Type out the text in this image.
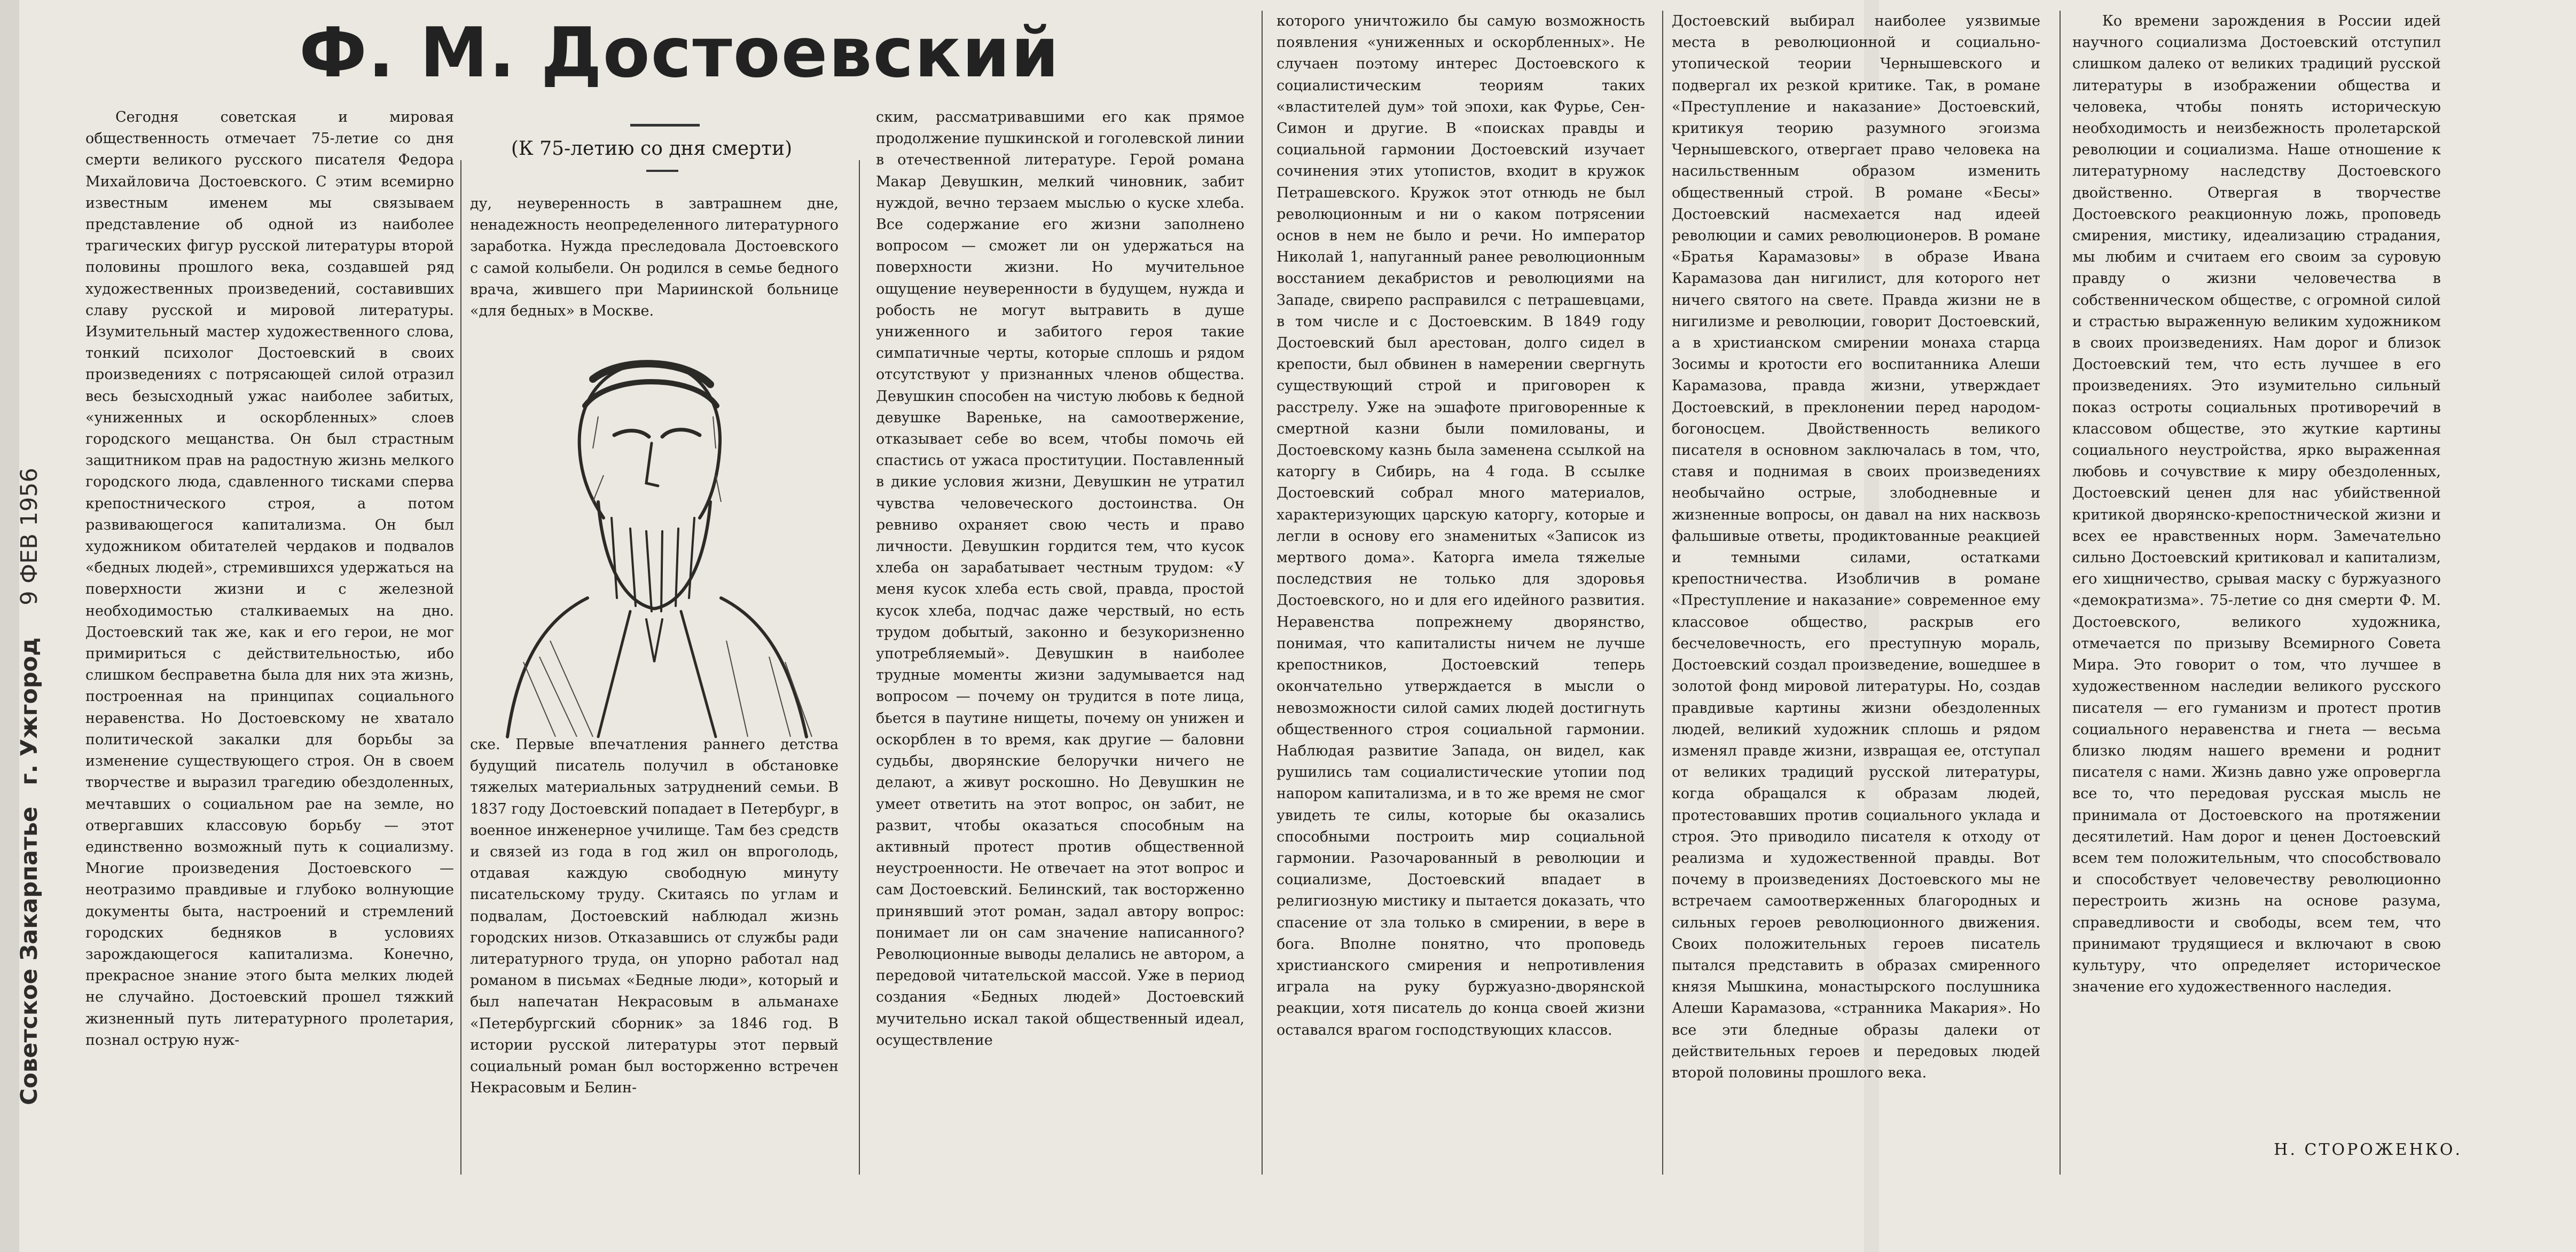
Советское Закарпатьег. Ужгород9 ФЕВ 1956
Ф. М. Достоевский
(К 75-летию со дня смерти)

Сегодня советская и мировая общественность отмечает 75-летие со дня смерти великого русского писателя Федора Михайловича Достоевского. С этим всемирно известным именем мы связываем представление об одной из наиболее трагических фигур русской литературы второй половины прошлого века, создавшей ряд художественных произведений, составивших славу русской и мировой литературы. Изумительный мастер художественного слова, тонкий психолог Достоевский в своих произведениях с потрясающей силой отразил весь безысходный ужас наиболее забитых, «униженных и оскорбленных» слоев городского мещанства. Он был страстным защитником прав на радостную жизнь мелкого городского люда, сдавленного тисками сперва крепостнического строя, а потом развивающегося капитализма. Он был художником обитателей чердаков и подвалов «бедных людей», стремившихся удержаться на поверхности жизни и с железной необходимостью сталкиваемых на дно. Достоевский так же, как и его герои, не мог примириться с действительностью, ибо слишком бесправетна была для них эта жизнь, построенная на принципах социального неравенства. Но Достоевскому не хватало политической закалки для борьбы за изменение существующего строя. Он в своем творчестве и выразил трагедию обездоленных, мечтавших о социальном рае на земле, но отвергавших классовую борьбу — этот единственно возможный путь к социализму. Многие произведения Достоевского — неотразимо правдивые и глубоко волнующие документы быта, настроений и стремлений городских бедняков в условиях зарождающегося капитализма. Конечно, прекрасное знание этого быта мелких людей не случайно. Достоевский прошел тяжкий жизненный путь литературного пролетария, познал острую нуж-

ду, неуверенность в завтрашнем дне, ненадежность неопределенного литературного заработка. Нужда преследовала Достоевского с самой колыбели. Он родился в семье бедного врача, жившего при Мариинской больнице «для бедных» в Москве.

ске. Первые впечатления раннего детства будущий писатель получил в обстановке тяжелых материальных затруднений семьи. В 1837 году Достоевский попадает в Петербург, в военное инженерное училище. Там без средств и связей из года в год жил он впроголодь, отдавая каждую свободную минуту писательскому труду. Скитаясь по углам и подвалам, Достоевский наблюдал жизнь городских низов. Отказавшись от службы ради литературного труда, он упорно работал над романом в письмах «Бедные люди», который и был напечатан Некрасовым в альманахе «Петербургский сборник» за 1846 год. В истории русской литературы этот первый социальный роман был восторженно встречен Некрасовым и Белин-

ским, рассматривавшими его как прямое продолжение пушкинской и гоголевской линии в отечественной литературе. Герой романа Макар Девушкин, мелкий чиновник, забит нуждой, вечно терзаем мыслью о куске хлеба. Все содержание его жизни заполнено вопросом — сможет ли он удержаться на поверхности жизни. Но мучительное ощущение неуверенности в будущем, нужда и робость не могут вытравить в душе униженного и забитого героя такие симпатичные черты, которые сплошь и рядом отсутствуют у признанных членов общества. Девушкин способен на чистую любовь к бедной девушке Вареньке, на самоотвержение, отказывает себе во всем, чтобы помочь ей спастись от ужаса проституции. Поставленный в дикие условия жизни, Девушкин не утратил чувства человеческого достоинства. Он ревниво охраняет свою честь и право личности. Девушкин гордится тем, что кусок хлеба он зарабатывает честным трудом: «У меня кусок хлеба есть свой, правда, простой кусок хлеба, подчас даже черствый, но есть трудом добытый, законно и безукоризненно употребляемый». Девушкин в наиболее трудные моменты жизни задумывается над вопросом — почему он трудится в поте лица, бьется в паутине нищеты, почему он унижен и оскорблен в то время, как другие — баловни судьбы, дворянские белоручки ничего не делают, а живут роскошно. Но Девушкин не умеет ответить на этот вопрос, он забит, не развит, чтобы оказаться способным на активный протест против общественной неустроенности. Не отвечает на этот вопрос и сам Достоевский. Белинский, так восторженно принявший этот роман, задал автору вопрос: понимает ли он сам значение написанного? Революционные выводы делались не автором, а передовой читательской массой. Уже в период создания «Бедных людей» Достоевский мучительно искал такой общественный идеал, осуществление

которого уничтожило бы самую возможность появления «униженных и оскорбленных». Не случаен поэтому интерес Достоевского к социалистическим теориям таких «властителей дум» той эпохи, как Фурье, Сен-Симон и другие. В «поисках правды и социальной гармонии Достоевский изучает сочинения этих утопистов, входит в кружок Петрашевского. Кружок этот отнюдь не был революционным и ни о каком потрясении основ в нем не было и речи. Но император Николай 1, напуганный ранее революционным восстанием декабристов и революциями на Западе, свирепо расправился с петрашевцами, в том числе и с Достоевским. В 1849 году Достоевский был арестован, долго сидел в крепости, был обвинен в намерении свергнуть существующий строй и приговорен к расстрелу. Уже на эшафоте приговоренные к смертной казни были помилованы, и Достоевскому казнь была заменена ссылкой на каторгу в Сибирь, на 4 года. В ссылке Достоевский собрал много материалов, характеризующих царскую каторгу, которые и легли в основу его знаменитых «Записок из мертвого дома». Каторга имела тяжелые последствия не только для здоровья Достоевского, но и для его идейного развития. Неравенства попрежнему дворянство, понимая, что капиталисты ничем не лучше крепостников, Достоевский теперь окончательно утверждается в мысли о невозможности силой самих людей достигнуть общественного строя социальной гармонии. Наблюдая развитие Запада, он видел, как рушились там социалистические утопии под напором капитализма, и в то же время не смог увидеть те силы, которые бы оказались способными построить мир социальной гармонии. Разочарованный в революции и социализме, Достоевский впадает в религиозную мистику и пытается доказать, что спасение от зла только в смирении, в вере в бога. Вполне понятно, что проповедь христианского смирения и непротивления играла на руку буржуазно-дворянской реакции, хотя писатель до конца своей жизни оставался врагом господствующих классов.

Достоевский выбирал наиболее уязвимые места в революционной и социально-утопической теории Чернышевского и подвергал их резкой критике. Так, в романе «Преступление и наказание» Достоевский, критикуя теорию разумного эгоизма Чернышевского, отвергает право человека на насильственным образом изменить общественный строй. В романе «Бесы» Достоевский насмехается над идеей революции и самих революционеров. В романе «Братья Карамазовы» в образе Ивана Карамазова дан нигилист, для которого нет ничего святого на свете. Правда жизни не в нигилизме и революции, говорит Достоевский, а в христианском смирении монаха старца Зосимы и кротости его воспитанника Алеши Карамазова, правда жизни, утверждает Достоевский, в преклонении перед народом-богоносцем. Двойственность великого писателя в основном заключалась в том, что, ставя и поднимая в своих произведениях необычайно острые, злободневные и жизненные вопросы, он давал на них насквозь фальшивые ответы, продиктованные реакцией и темными силами, остатками крепостничества. Изобличив в романе «Преступление и наказание» современное ему классовое общество, раскрыв его бесчеловечность, его преступную мораль, Достоевский создал произведение, вошедшее в золотой фонд мировой литературы. Но, создав правдивые картины жизни обездоленных людей, великий художник сплошь и рядом изменял правде жизни, извращая ее, отступал от великих традиций русской литературы, когда обращался к образам людей, протестовавших против социального уклада и строя. Это приводило писателя к отходу от реализма и художественной правды. Вот почему в произведениях Достоевского мы не встречаем самоотверженных благородных и сильных героев революционного движения. Своих положительных героев писатель пытался представить в образах смиренного князя Мышкина, монастырского послушника Алеши Карамазова, «странника Макария». Но все эти бледные образы далеки от действительных героев и передовых людей второй половины прошлого века.

Ко времени зарождения в России идей научного социализма Достоевский отступил слишком далеко от великих традиций русской литературы в изображении общества и человека, чтобы понять историческую необходимость и неизбежность пролетарской революции и социализма. Наше отношение к литературному наследству Достоевского двойственно. Отвергая в творчестве Достоевского реакционную ложь, проповедь смирения, мистику, идеализацию страдания, мы любим и считаем его своим за суровую правду о жизни человечества в собственническом обществе, с огромной силой и страстью выраженную великим художником в своих произведениях. Нам дорог и близок Достоевский тем, что есть лучшее в его произведениях. Это изумительно сильный показ остроты социальных противоречий в классовом обществе, это жуткие картины социального неустройства, ярко выраженная любовь и сочувствие к миру обездоленных, Достоевский ценен для нас убийственной критикой дворянско-крепостнической жизни и всех ее нравственных норм. Замечательно сильно Достоевский критиковал и капитализм, его хищничество, срывая маску с буржуазного «демократизма». 75-летие со дня смерти Ф. М. Достоевского, великого художника, отмечается по призыву Всемирного Совета Мира. Это говорит о том, что лучшее в художественном наследии великого русского писателя — его гуманизм и протест против социального неравенства и гнета — весьма близко людям нашего времени и роднит писателя с нами. Жизнь давно уже опровергла все то, что передовая русская мысль не принимала от Достоевского на протяжении десятилетий. Нам дорог и ценен Достоевский всем тем положительным, что способствовало и способствует человечеству революционно перестроить жизнь на основе разума, справедливости и свободы, всем тем, что принимают трудящиеся и включают в свою культуру, что определяет историческое значение его художественного наследия.

Н. СТОРОЖЕНКО.
